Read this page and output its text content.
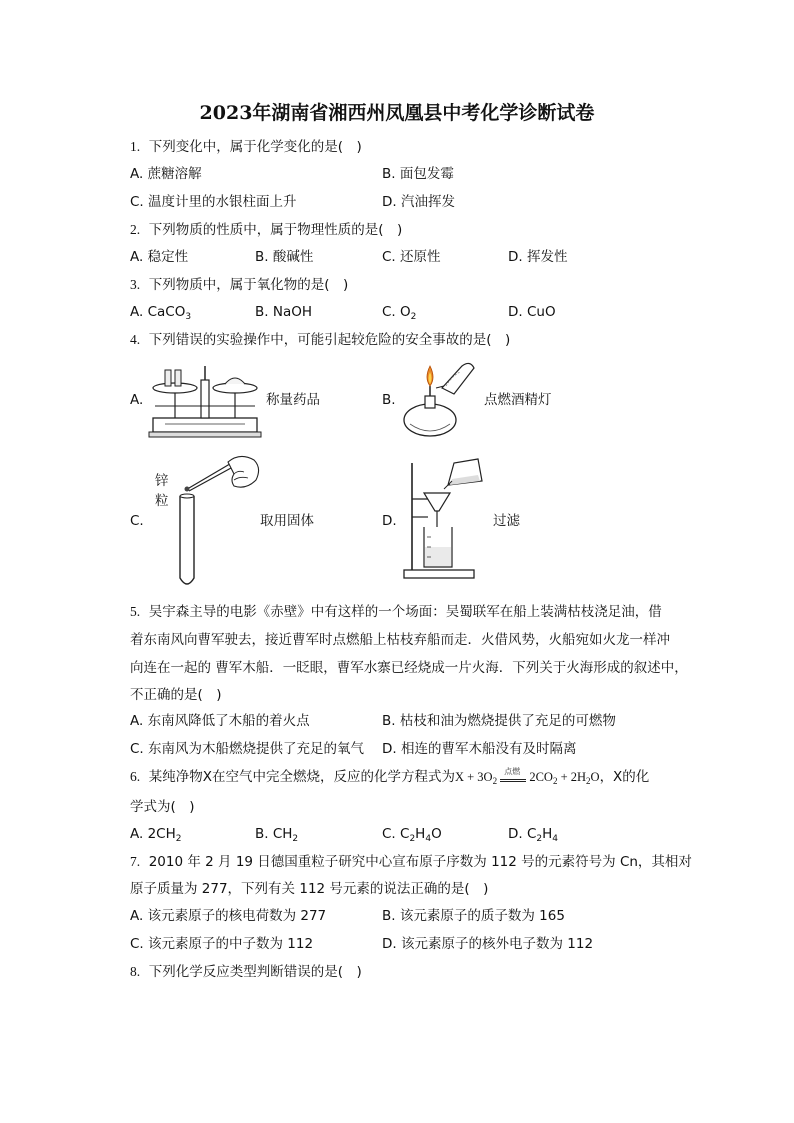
2023年湖南省湘西州凤凰县中考化学诊断试卷
1. 下列变化中，属于化学变化的是(　)
A. 蔗糖溶解	B. 面包发霉
C. 温度计里的水银柱面上升	D. 汽油挥发
2. 下列物质的性质中，属于物理性质的是(　)
A. 稳定性	B. 酸碱性	C. 还原性	D. 挥发性
3. 下列物质中，属于氧化物的是(　)
A. CaCO$_3$	B. NaOH	C. $O_2$	D. CuO
4. 下列错误的实验操作中，可能引起较危险的安全事故的是(　)
A.	称量药品	B.	点燃酒精灯
C.
锌
粒
取用固体	D.	过滤
5. 吴宇森主导的电影《赤壁》中有这样的一个场面：吴蜀联军在船上装满枯枝浇足油，借
着东南风向曹军驶去，接近曹军时点燃船上枯枝弃船而走．火借风势，火船宛如火龙一样冲
向连在一起的 曹军木船．一眨眼，曹军水寨已经烧成一片火海．下列关于火海形成的叙述中，
不正确的是(　)
A. 东南风降低了木船的着火点	B. 枯枝和油为燃烧提供了充足的可燃物
C. 东南风为木船燃烧提供了充足的氧气 D. 相连的曹军木船没有及时隔离
6. 某纯净物X在空气中完全燃烧，反应的化学方程式为$X + 3O_2$
点燃 $2CO_2 + 2H_2O$，X的化
学式为(　)
A. $2CH_2$	B. $CH_2$	C. $C_2H_4O$	D. $C_2H_4$
7. 2010 年 2 月 19 日德国重粒子研究中心宣布原子序数为 112 号的元素符号为 Cn，其相对
原子质量为 277，下列有关 112 号元素的说法正确的是(　)
A. 该元素原子的核电荷数为 277	B. 该元素原子的质子数为 165
C. 该元素原子的中子数为 112	D. 该元素原子的核外电子数为 112
8. 下列化学反应类型判断错误的是(　)
